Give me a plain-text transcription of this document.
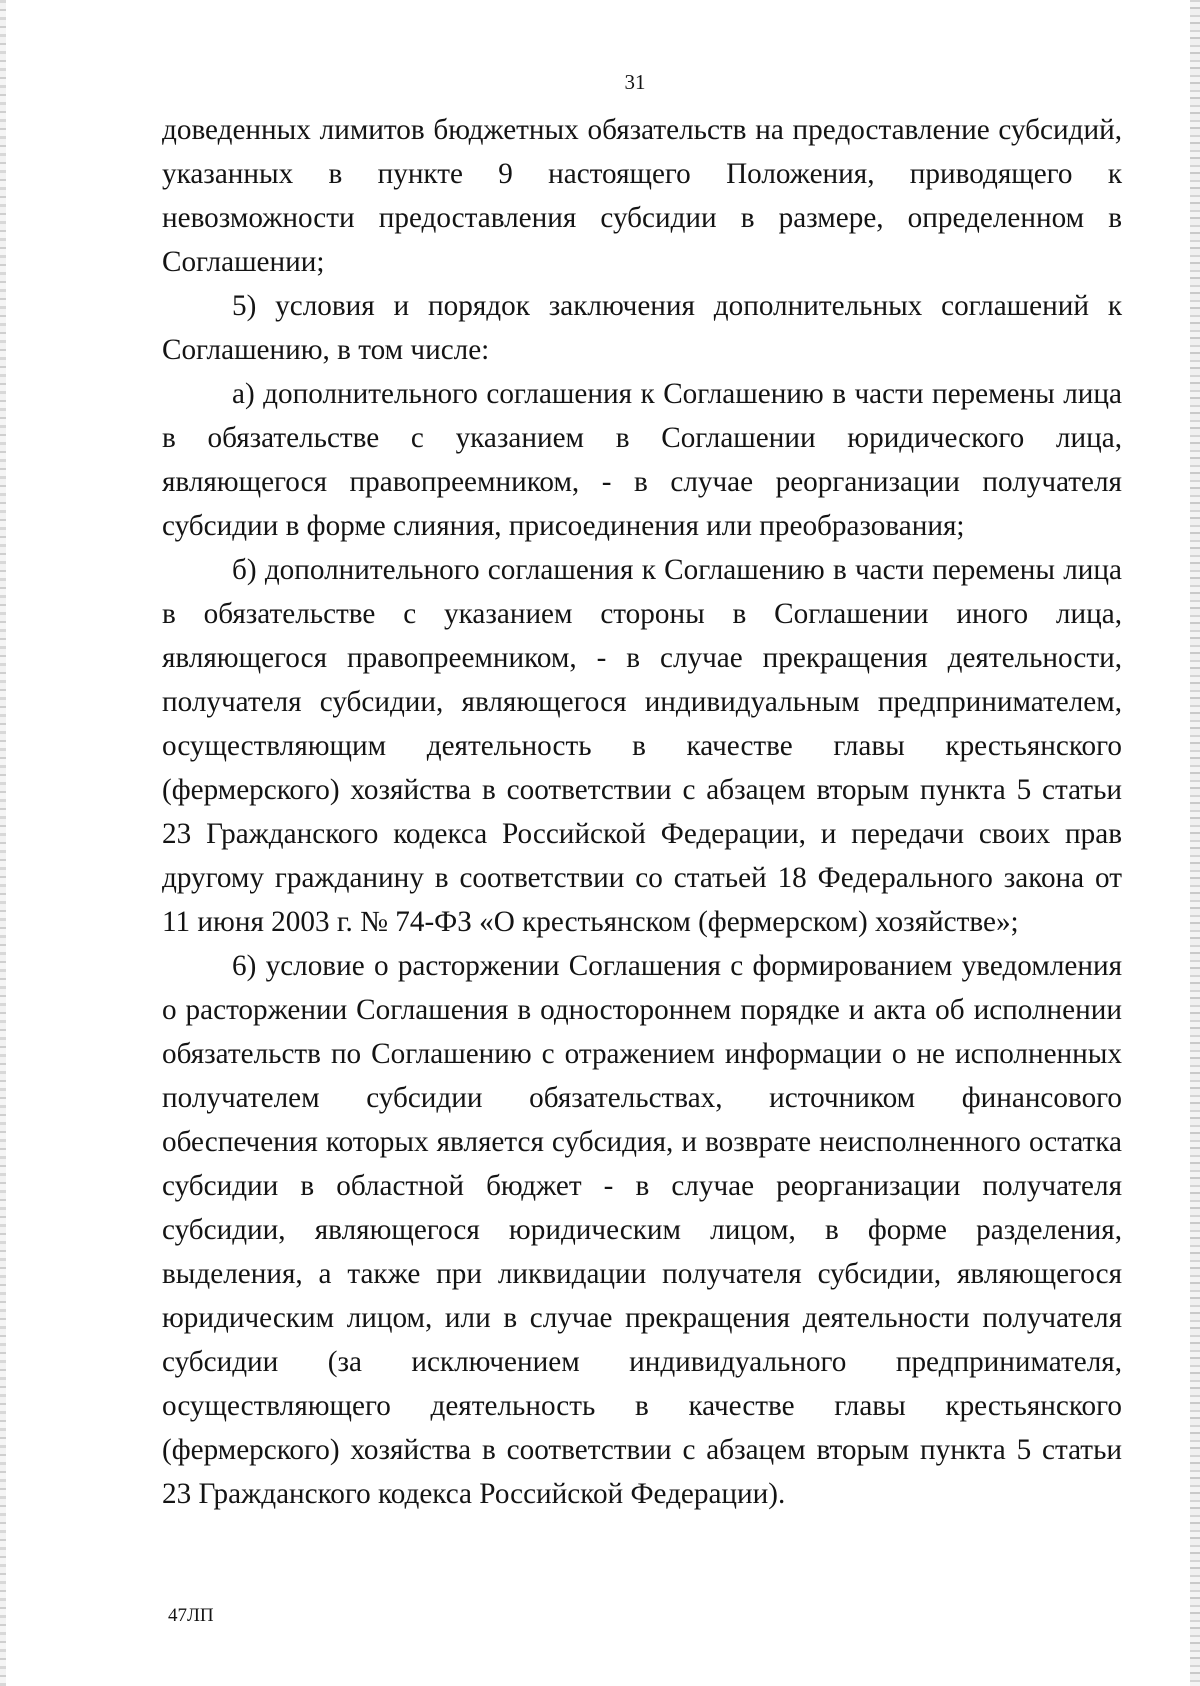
31

доведенных лимитов бюджетных обязательств на предоставление субсидий, указанных в пункте 9 настоящего Положения, приводящего к невозможности предоставления субсидии в размере, определенном в Соглашении;

5) условия и порядок заключения дополнительных соглашений к Соглашению, в том числе:

а) дополнительного соглашения к Соглашению в части перемены лица в обязательстве с указанием в Соглашении юридического лица, являющегося правопреемником, - в случае реорганизации получателя субсидии в форме слияния, присоединения или преобразования;

б) дополнительного соглашения к Соглашению в части перемены лица в обязательстве с указанием стороны в Соглашении иного лица, являющегося правопреемником, - в случае прекращения деятельности, получателя субсидии, являющегося индивидуальным предпринимателем, осуществляющим деятельность в качестве главы крестьянского (фермерского) хозяйства в соответствии с абзацем вторым пункта 5 статьи 23 Гражданского кодекса Российской Федерации, и передачи своих прав другому гражданину в соответствии со статьей 18 Федерального закона от 11 июня 2003 г. № 74-ФЗ «О крестьянском (фермерском) хозяйстве»;

6) условие о расторжении Соглашения с формированием уведомления о расторжении Соглашения в одностороннем порядке и акта об исполнении обязательств по Соглашению с отражением информации о не исполненных получателем субсидии обязательствах, источником финансового обеспечения которых является субсидия, и возврате неисполненного остатка субсидии в областной бюджет - в случае реорганизации получателя субсидии, являющегося юридическим лицом, в форме разделения, выделения, а также при ликвидации получателя субсидии, являющегося юридическим лицом, или в случае прекращения деятельности получателя субсидии (за исключением индивидуального предпринимателя, осуществляющего деятельность в качестве главы крестьянского (фермерского) хозяйства в соответствии с абзацем вторым пункта 5 статьи 23 Гражданского кодекса Российской Федерации).

47ЛП
